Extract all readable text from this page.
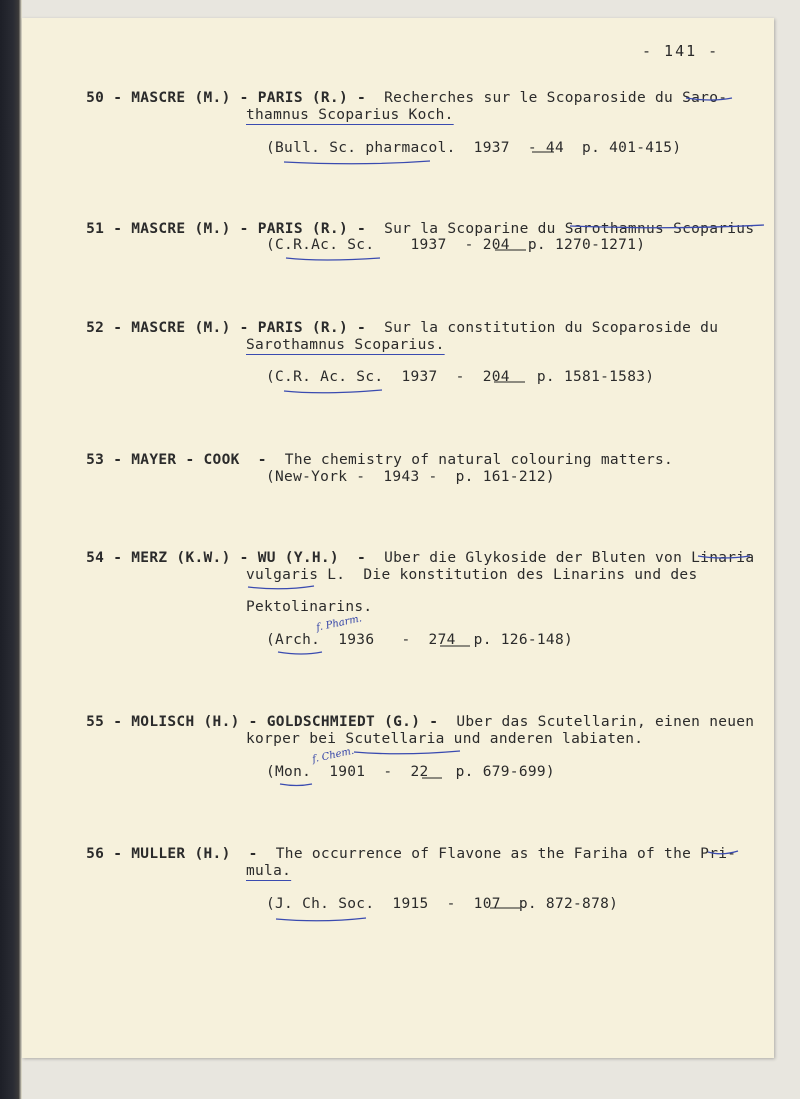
- 141 -

50 - MASCRE (M.) - PARIS (R.) - Recherches sur le Scoparoside du Saro-

thamnus Scoparius Koch.
(Bull. Sc. pharmacol.  1937  - 44  p. 401-415)

51 - MASCRE (M.) - PARIS (R.) - Sur la Scoparine du Sarothamnus Scoparius

(C.R.Ac. Sc.    1937  - 204  p. 1270-1271)

52 - MASCRE (M.) - PARIS (R.) - Sur la constitution du Scoparoside du

Sarothamnus Scoparius.
(C.R. Ac. Sc.  1937  -  204   p. 1581-1583)

53 - MAYER - COOK  - The chemistry of natural colouring matters.

(New-York -  1943 -  p. 161-212)

54 - MERZ (K.W.) - WU (Y.H.)  - Uber die Glykoside der Bluten von Linaria

vulgaris L.  Die konstitution des Linarins und des
Pektolinarins.
f. Pharm.
(Arch.  1936   -  274  p. 126-148)

55 - MOLISCH (H.) - GOLDSCHMIEDT (G.) - Uber das Scutellarin, einen neuen

korper bei Scutellaria und anderen labiaten.
f. Chem.
(Mon.  1901  -  22   p. 679-699)

56 - MULLER (H.)  - The occurrence of Flavone as the Fariha of the Pri-

mula.
(J. Ch. Soc.  1915  -  107  p. 872-878)
